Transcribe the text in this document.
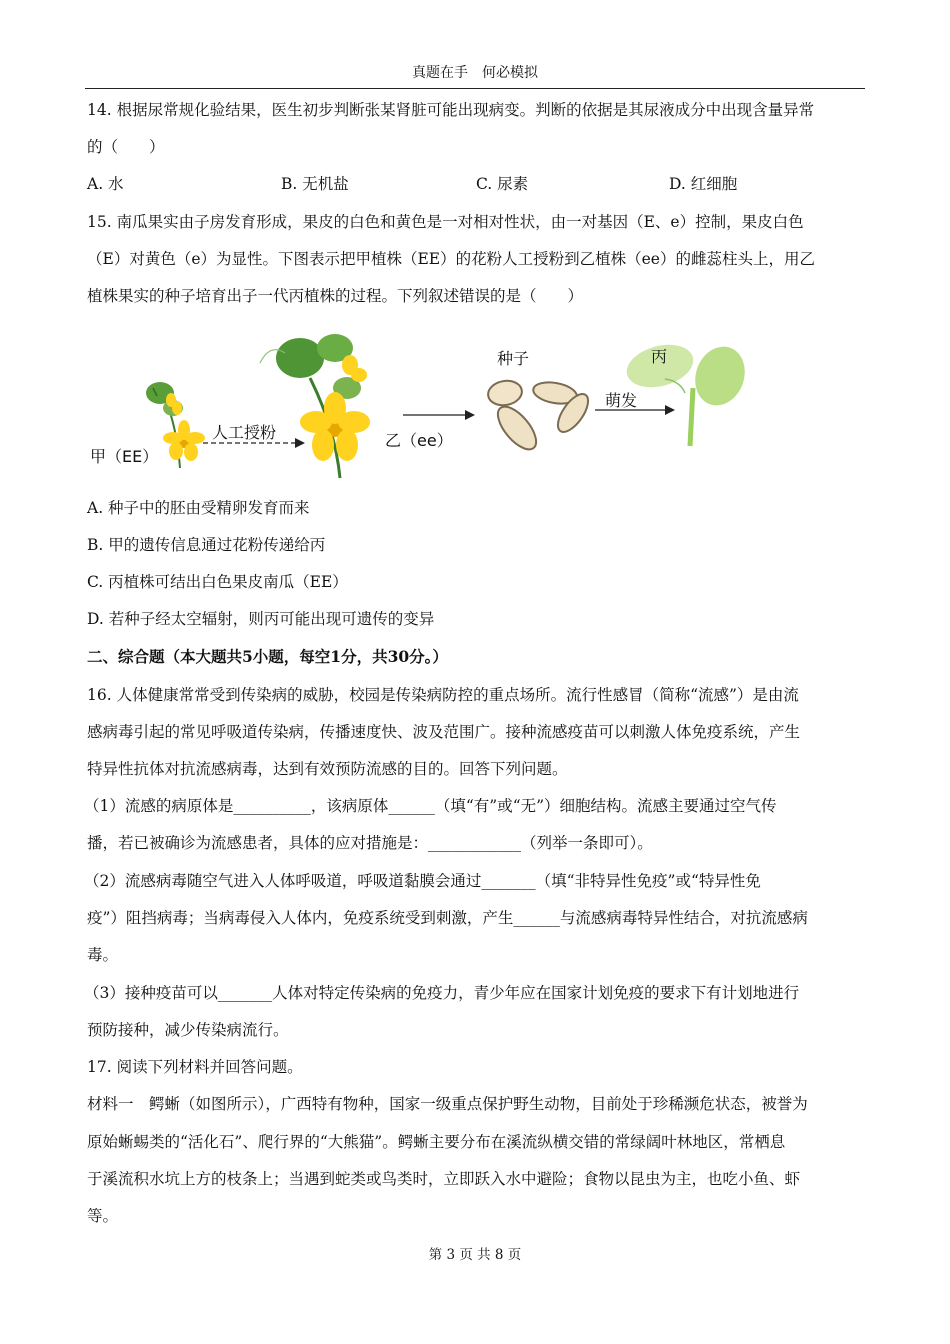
真题在手　何必模拟
14. 根据尿常规化验结果，医生初步判断张某肾脏可能出现病变。判断的依据是其尿液成分中出现含量异常
的（　　）
A. 水	B. 无机盐	C. 尿素	D. 红细胞
15. 南瓜果实由子房发育形成，果皮的白色和黄色是一对相对性状，由一对基因（E、e）控制，果皮白色
（E）对黄色（e）为显性。下图表示把甲植株（EE）的花粉人工授粉到乙植株（ee）的雌蕊柱头上，用乙
植株果实的种子培育出子一代丙植株的过程。下列叙述错误的是（　　）
甲（EE）
人工授粉	乙（ee）
种子
萌发
丙
A. 种子中的胚由受精卵发育而来
B. 甲的遗传信息通过花粉传递给丙
C. 丙植株可结出白色果皮南瓜（EE）
D. 若种子经太空辐射，则丙可能出现可遗传的变异
二、综合题（本大题共5小题，每空1分，共30分。）
16. 人体健康常常受到传染病的威胁，校园是传染病防控的重点场所。流行性感冒（简称“流感”）是由流
感病毒引起的常见呼吸道传染病，传播速度快、波及范围广。接种流感疫苗可以刺激人体免疫系统，产生
特异性抗体对抗流感病毒，达到有效预防流感的目的。回答下列问题。
（1）流感的病原体是__________，该病原体______（填“有”或“无”）细胞结构。流感主要通过空气传
播，若已被确诊为流感患者，具体的应对措施是：____________（列举一条即可）。
（2）流感病毒随空气进入人体呼吸道，呼吸道黏膜会通过_______（填“非特异性免疫”或“特异性免
疫”）阻挡病毒；当病毒侵入人体内，免疫系统受到刺激，产生______与流感病毒特异性结合，对抗流感病
毒。
（3）接种疫苗可以_______人体对特定传染病的免疫力，青少年应在国家计划免疫的要求下有计划地进行
预防接种，减少传染病流行。
17. 阅读下列材料并回答问题。
材料一　鳄蜥（如图所示），广西特有物种，国家一级重点保护野生动物，目前处于珍稀濒危状态，被誉为
原始蜥蜴类的“活化石”、爬行界的“大熊猫”。鳄蜥主要分布在溪流纵横交错的常绿阔叶林地区，常栖息
于溪流积水坑上方的枝条上；当遇到蛇类或鸟类时，立即跃入水中避险；食物以昆虫为主，也吃小鱼、虾
等。
第 3 页 共 8 页
